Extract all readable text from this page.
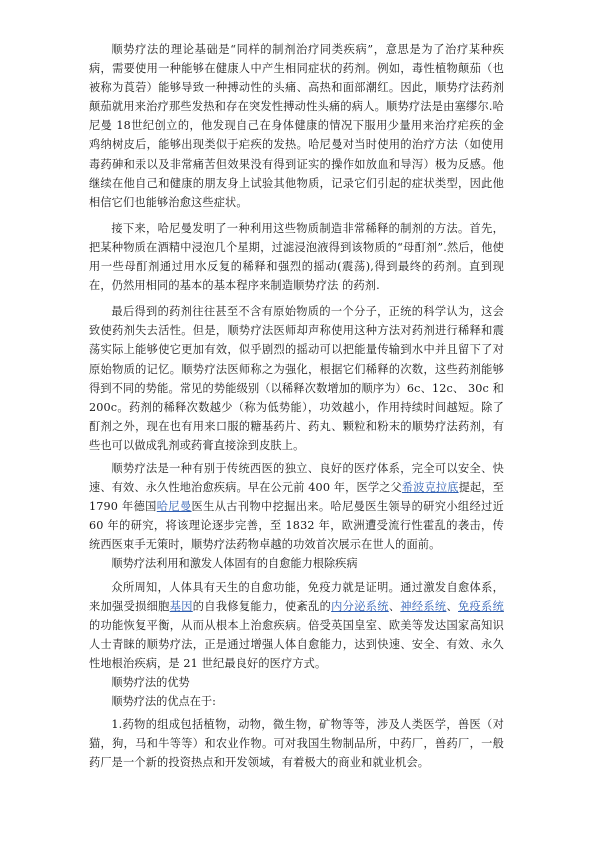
顺势疗法的理论基础是“同样的制剂治疗同类疾病”，意思是为了治疗某种疾病，需要使用一种能够在健康人中产生相同症状的药剂。例如，毒性植物颠茄（也被称为莨菪）能够导致一种搏动性的头痛、高热和面部潮红。因此，顺势疗法药剂颠茄就用来治疗那些发热和存在突发性搏动性头痛的病人。顺势疗法是由塞缪尔.哈尼曼 18世纪创立的，他发现自己在身体健康的情况下服用少量用来治疗疟疾的金鸡纳树皮后，能够出现类似于疟疾的发热。哈尼曼对当时使用的治疗方法（如使用毒药砷和汞以及非常痛苦但效果没有得到证实的操作如放血和导泻）极为反感。他继续在他自己和健康的朋友身上试验其他物质，记录它们引起的症状类型，因此他相信它们也能够治愈这些症状。

接下来，哈尼曼发明了一种利用这些物质制造非常稀释的制剂的方法。首先，把某种物质在酒精中浸泡几个星期，过滤浸泡液得到该物质的“母酊剂”.然后，他使用一些母酊剂通过用水反复的稀释和强烈的摇动(震荡),得到最终的药剂。直到现在，仍然用相同的基本的基本程序来制造顺势疗法 的药剂.

最后得到的药剂往往甚至不含有原始物质的一个分子，正统的科学认为，这会致使药剂失去活性。但是，顺势疗法医师却声称使用这种方法对药剂进行稀释和震荡实际上能够使它更加有效，似乎剧烈的摇动可以把能量传输到水中并且留下了对原始物质的记忆。顺势疗法医师称之为强化，根据它们稀释的次数，这些药剂能够得到不同的势能。常见的势能级别（以稀释次数增加的顺序为）6c、12c、 30c 和 200c。药剂的稀释次数越少（称为低势能），功效越小，作用持续时间越短。除了酊剂之外，现在也有用来口服的糖基药片、药丸、颗粒和粉末的顺势疗法药剂，有些也可以做成乳剂或药膏直接涂到皮肤上。

顺势疗法是一种有别于传统西医的独立、良好的医疗体系，完全可以安全、快速、有效、永久性地治愈疾病。早在公元前 400 年，医学之父希波克拉底提起，至 1790 年德国哈尼曼医生从古刊物中挖掘出来。哈尼曼医生领导的研究小组经过近 60 年的研究，将该理论逐步完善，至 1832 年，欧洲遭受流行性霍乱的袭击，传统西医束手无策时，顺势疗法药物卓越的功效首次展示在世人的面前。

顺势疗法利用和激发人体固有的自愈能力根除疾病

众所周知，人体具有天生的自愈功能，免疫力就是证明。通过激发自愈体系，来加强受损细胞基因的自我修复能力，使紊乱的内分泌系统、神经系统、免疫系统的功能恢复平衡，从而从根本上治愈疾病。倍受英国皇室、欧美等发达国家高知识人士青睐的顺势疗法，正是通过增强人体自愈能力，达到快速、安全、有效、永久性地根治疾病，是 21 世纪最良好的医疗方式。

顺势疗法的优势

顺势疗法的优点在于:

1.药物的组成包括植物，动物，微生物，矿物等等，涉及人类医学，兽医（对猫，狗，马和牛等等）和农业作物。可对我国生物制品所，中药厂，兽药厂，一般药厂是一个新的投资热点和开发领域，有着极大的商业和就业机会。
